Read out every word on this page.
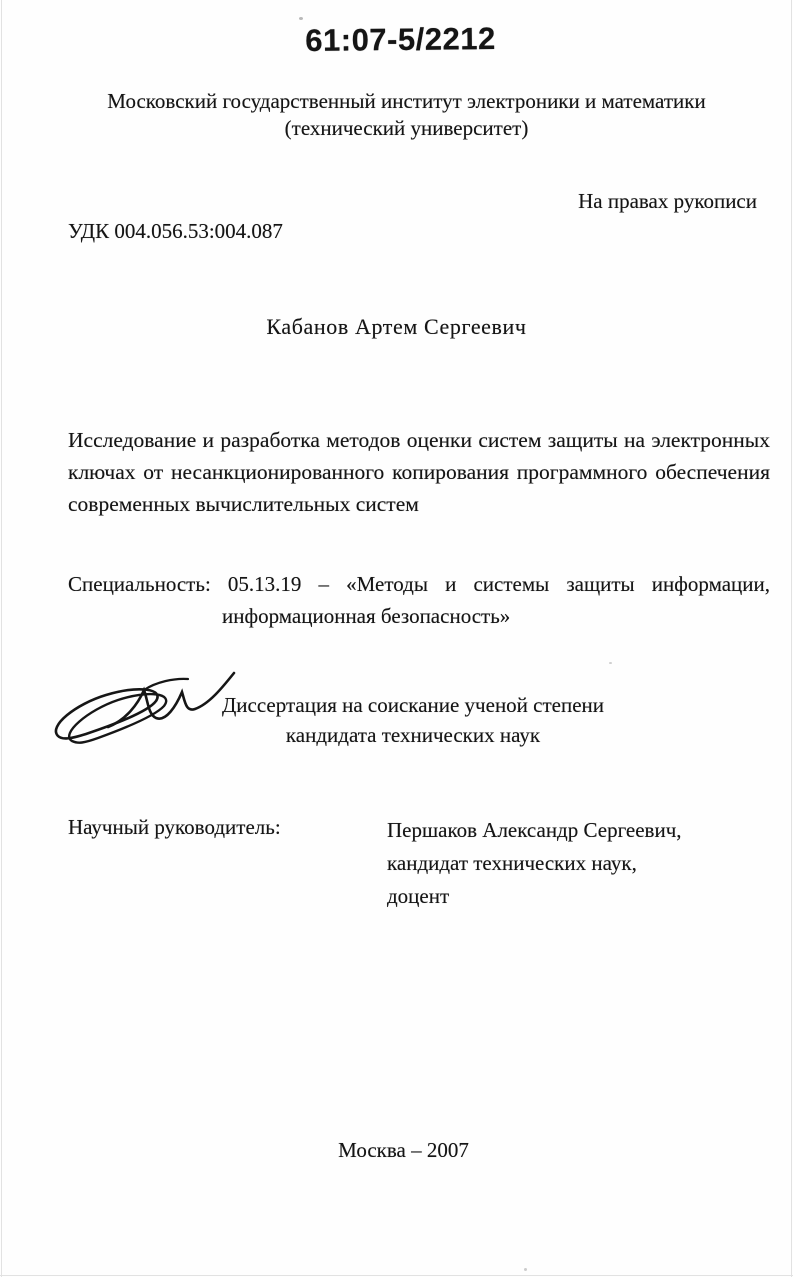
61:07-5/2212
Московский государственный институт электроники и математики
(технический университет)
На правах рукописи
УДК 004.056.53:004.087
Кабанов Артем Сергеевич
Исследование и разработка методов оценки систем защиты на электронных
ключах от несанкционированного копирования программного обеспечения
современных вычислительных систем
Специальность: 05.13.19 – «Методы и системы защиты информации,
информационная безопасность»
Диссертация на соискание ученой степени
кандидата технических наук
Научный руководитель:	Першаков Александр Сергеевич,
кандидат технических наук,
доцент
Москва – 2007
